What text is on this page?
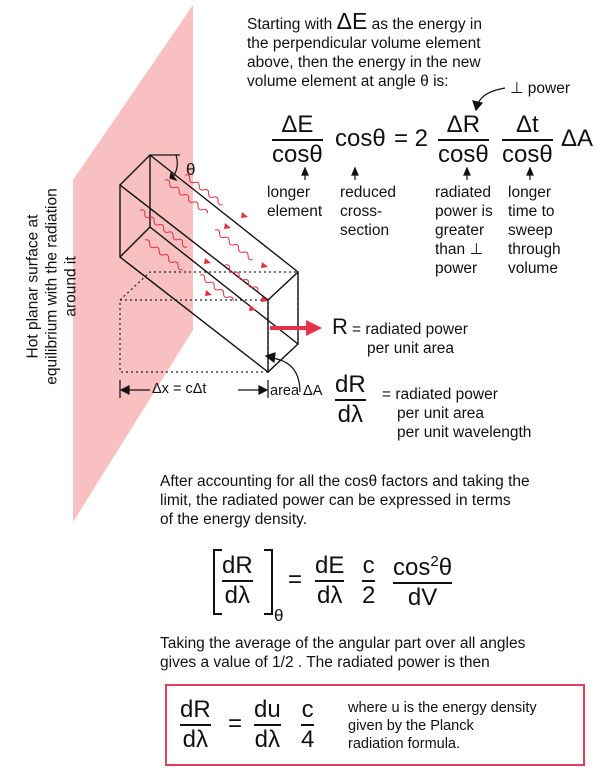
Hot planar surface at equilibrium with the radiation around it
Starting with ΔE as the energy in
the perpendicular volume element
above, then the energy in the new
volume element at angle θ is:	⊥ power
ΔE
cosθ
cosθ = 2
ΔR
cosθ
Δt
cosθ
ΔA
longer
element
reduced
cross-
section
radiated
power is
greater
than ⊥
power
longer
time to
sweep
through
volume
θ
Δx = cΔt	area ΔA
R = radiated power
per unit area
dR
dλ
= radiated power
per unit area
per unit wavelength
After accounting for all the cosθ factors and taking the
limit, the radiated power can be expressed in terms
of the energy density.
dR
dλ
θ
=
dE
dλ
c
2
$\cos^2\theta$
dV
Taking the average of the angular part over all angles
gives a value of 1/2 . The radiated power is then
dR
dλ
=
du
dλ
c
4
where u is the energy density
given by the Planck
radiation formula.
